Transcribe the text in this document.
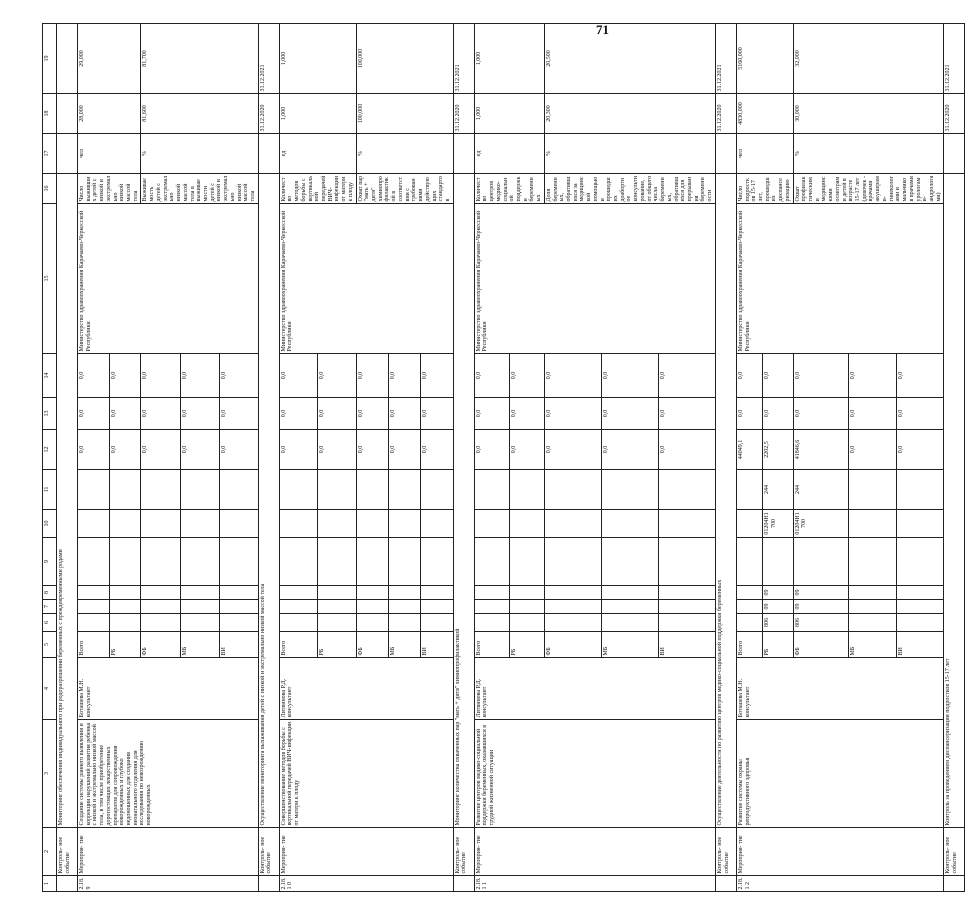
71
1	2	3	4	5	6	7	8	9	10	11	12	13	14	15	16	17	18	19	
	Контроль- ное событие	Мониторинг обеспечения индивидуального при родоразрешении беременных с преждевременными родами																	
2.18.9	Мероприя- тие	Создание системы раннего выявления и коррекции нарушений развития ребенка с низкой и экстремально низкой массой тела, в том числе приобретение дорогостоящих лекарственных препаратов для сопровождения новорожденных и глубоко недоношенных для создания неонатального отделения для исследования по невозрождению новорожденных	Боташева М.Н. консультант	Всего							0,0	0,0	0,0	Министерство здравоохранения Карачаево-Черкесской Республики	Число выживших детей с низкой и экстремально низкой массой тела	чел	28,000	29,000	
				РБ							0,0	0,0	0,0						
				ФБ							0,0	0,0	0,0		Выживаемость детей с экстремально низкой массой тела в выживаемости детей с низкой и экстремально низкой массой тела	%	81,600	81,700	
				МБ							0,0	0,0	0,0						
				ВИ							0,0	0,0	0,0						
	Контроль- ное событие	Осуществление мониторинга выхаживания детей с низкой и экстремально низкой массой тела															31.12.2020	31.12.2021	
2.18.1 0	Мероприя- тие	Совершенствование методов борьбы с вертикальной передачей ВИЧ-инфекции от матери к плоду	Литвинова Р.Д. консультант	Всего							0,0	0,0	0,0	Министерство здравоохранения Карачаево-Черкесской Республики	Количество методов борьбы с вертикальной передачей ВИЧ-инфекции от матери к плоду	ед	1,000	1,000	
				РБ							0,0	0,0	0,0						
				ФБ							0,0	0,0	0,0		Охват пар "мать + дитя" химиопрофилактикой в соответствии с требованиями действующих стандартов	%	100,000	100,000	
				МБ							0,0	0,0	0,0						
				ВИ							0,0	0,0	0,0						
	Контроль- ное событие	Мониторинг количества охваченных пар "мать + дитя" химиопрофилактикой															31.12.2020	31.12.2021	
2.18.1 1	Мероприя- тие	Развитие центров медико-социальной поддержки беременных, оказавшихся в трудной жизненной ситуации	Литвинова Р.Д. консультант	Всего							0,0	0,0	0,0	Министерство здравоохранения Карачаево-Черкесской Республики	Количество центров медико-социальной поддержки беременных	ед	1,000	1,000	
				РБ							0,0	0,0	0,0						
				ФБ							0,0	0,0	0,0		Доля беременных, обратившихся за медицинской помощью и прошедших доабортное консультирование, от общего числа беременных, обратившихся для прерывания беременности	%	20,300	20,500	
				МБ							0,0	0,0	0,0						
				ВИ							0,0	0,0	0,0						
	Контроль- ное событие	Осуществление деятельности по развитию центров медико-социальной поддержки беременных															31.12.2020	31.12.2021	
2.18.1 2	Мероприя- тие	Развитие системы охраны репродуктивного здоровья	Боташева М.Н. консультант	Всего							44049,1	0,0	0,0	Министерство здравоохранения Карачаево-Черкесской Республики	Число подростков 15-17 лет, прошедших диспансеризацию	чел	4830,000	5160,000	
				РБ	806	09	09		01204Н1700	244	2202,5	0,0	0,0						
				ФБ	806	09	09		01204Н1700	244	41846,6	0,0	0,0		Охват профилактическими медицинскими осмотрами детей в возрасте 15-17 лет (девочек - врачами акушерами-гинекологами и мальчиков врачами урологами-андрологами)	%	30,000	32,000	
				МБ							0,0	0,0	0,0						
				ВИ							0,0	0,0	0,0						
	Контроль- ное событие	Контроль за проведением диспансеризации подростков 15-17 лет															31.12.2020	31.12.2021	
